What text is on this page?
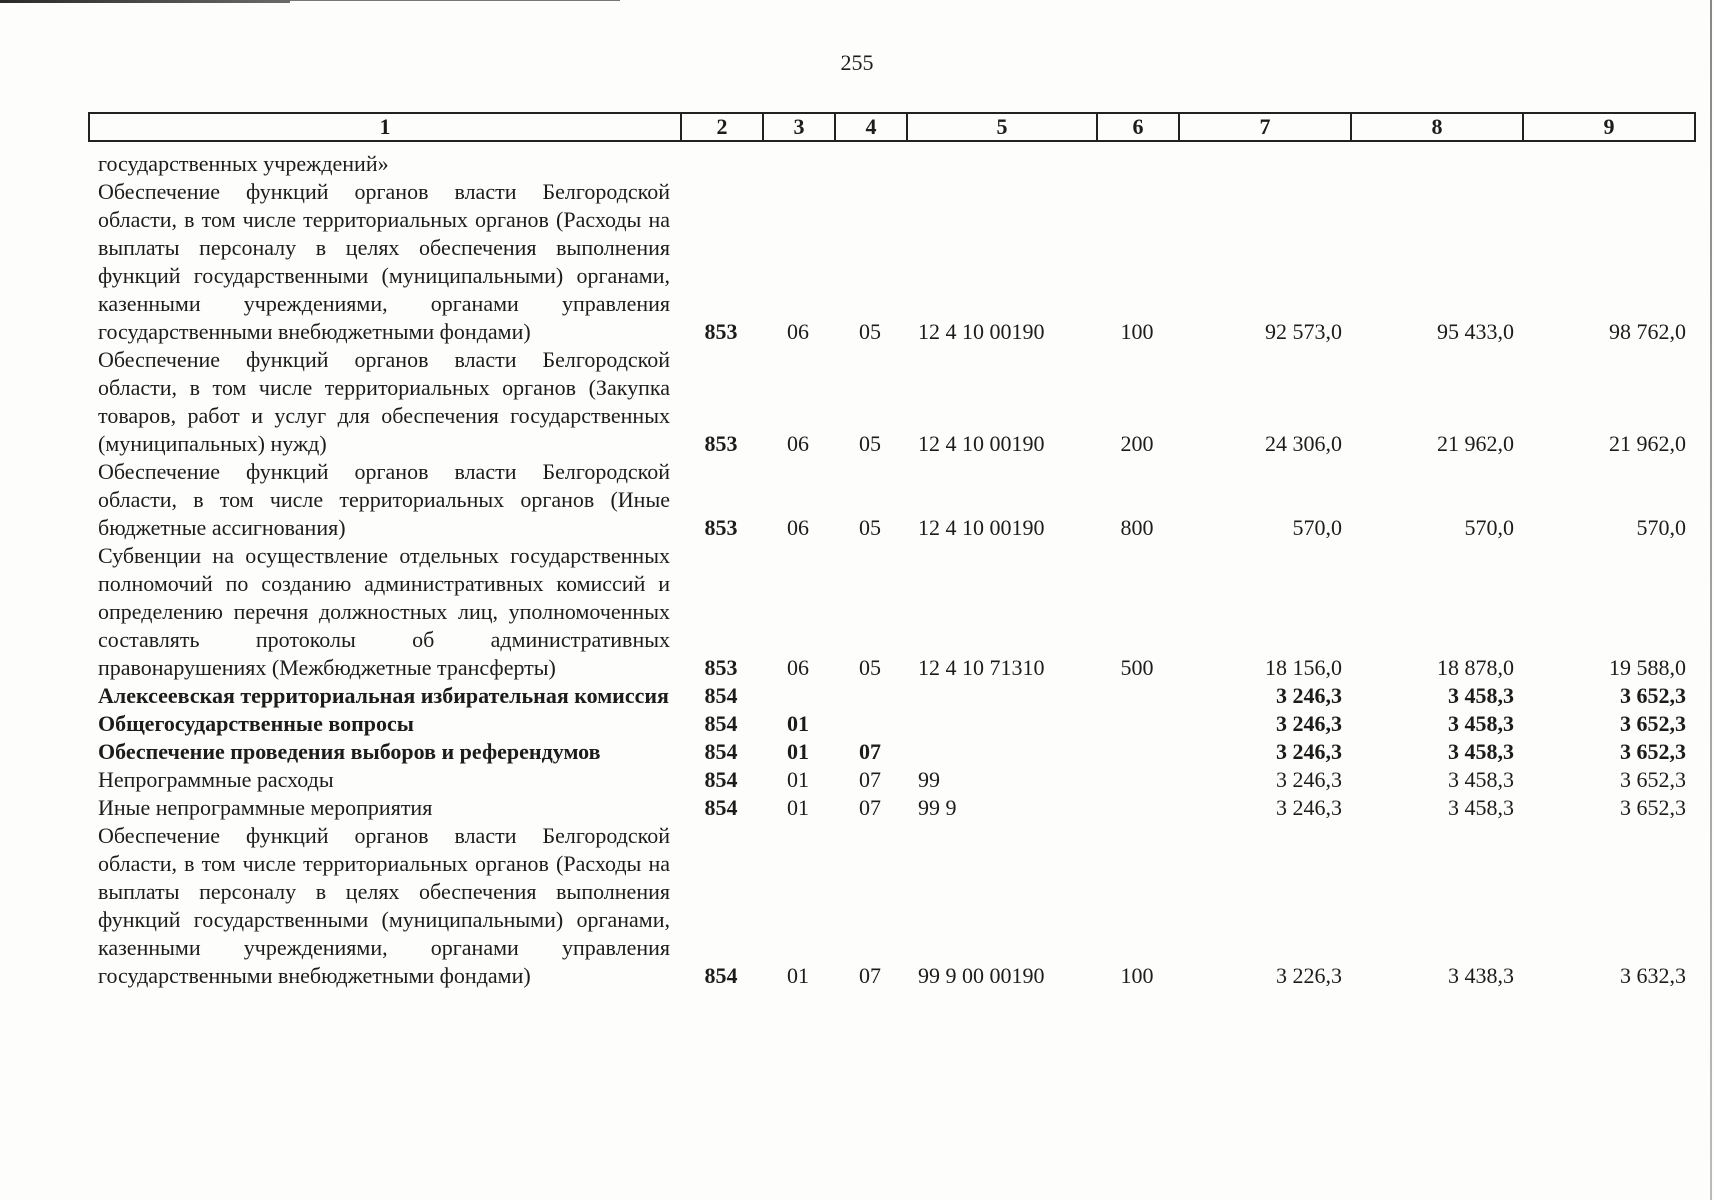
255
1	2	3	4	5	6	7	8	9
государственных учреждений»								
Обеспечение функций органов власти Белгородской области, в том числе территориальных органов (Расходы на выплаты персоналу в целях обеспечения выполнения функций государственными (муниципальными) органами, казенными учреждениями, органами управления государственными внебюджетными фондами)	853	06	05	12 4 10 00190	100	92 573,0	95 433,0	98 762,0
Обеспечение функций органов власти Белгородской области, в том числе территориальных органов (Закупка товаров, работ и услуг для обеспечения государственных (муниципальных) нужд)	853	06	05	12 4 10 00190	200	24 306,0	21 962,0	21 962,0
Обеспечение функций органов власти Белгородской области, в том числе территориальных органов (Иные бюджетные ассигнования)	853	06	05	12 4 10 00190	800	570,0	570,0	570,0
Субвенции на осуществление отдельных государственных полномочий по созданию административных комиссий и определению перечня должностных лиц, уполномоченных составлять протоколы об административных правонарушениях (Межбюджетные трансферты)	853	06	05	12 4 10 71310	500	18 156,0	18 878,0	19 588,0
Алексеевская территориальная избирательная комиссия	854					3 246,3	3 458,3	3 652,3
Общегосударственные вопросы	854	01				3 246,3	3 458,3	3 652,3
Обеспечение проведения выборов и референдумов	854	01	07			3 246,3	3 458,3	3 652,3
Непрограммные расходы	854	01	07	99		3 246,3	3 458,3	3 652,3
Иные непрограммные мероприятия	854	01	07	99 9		3 246,3	3 458,3	3 652,3
Обеспечение функций органов власти Белгородской области, в том числе территориальных органов (Расходы на выплаты персоналу в целях обеспечения выполнения функций государственными (муниципальными) органами, казенными учреждениями, органами управления государственными внебюджетными фондами)	854	01	07	99 9 00 00190	100	3 226,3	3 438,3	3 632,3
